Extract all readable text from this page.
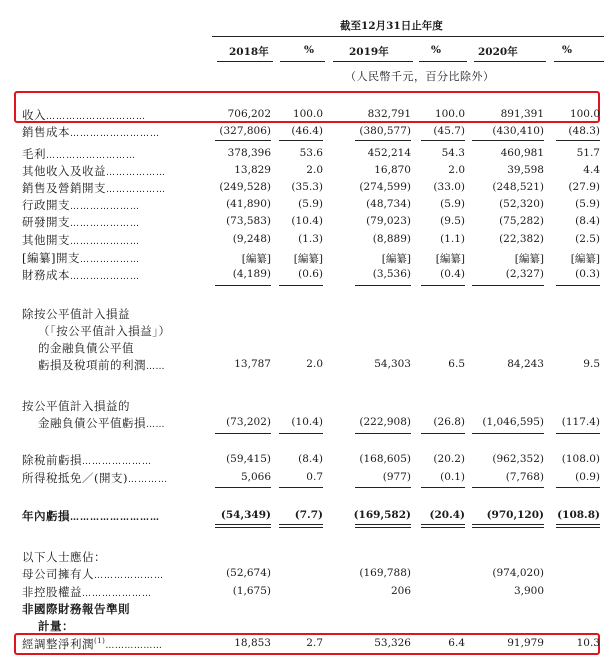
截至12月31日止年度
2018年	%	2019年	%	2020年	%
（人民幣千元，百分比除外）
收入…………………………	706,202 100.0	832,791 100.0	891,391 100.0
銷售成本………………………	(327,806) (46.4)	(380,577) (45.7)	(430,410) (48.3)
毛利………………………	378,396	53.6	452,214	54.3	460,981	51.7
其他收入及收益………………	13,829	2.0	16,870	2.0	39,598	4.4
銷售及營銷開支………………	(249,528) (35.3)	(274,599) (33.0)	(248,521) (27.9)
行政開支…………………	(41,890)	(5.9)	(48,734)	(5.9)	(52,320)	(5.9)
研發開支…………………	(73,583) (10.4)	(79,023)	(9.5)	(75,282)	(8.4)
其他開支…………………	(9,248)	(1.3)	(8,889)	(1.1)	(22,382)	(2.5)
[編纂]開支………………	[編纂] [編纂]	[編纂] [編纂]	[編纂]	[編纂]
財務成本…………………	(4,189)	(0.6)	(3,536)	(0.4)	(2,327)	(0.3)
除按公平值計入損益
（「按公平值計入損益」）
的金融負債公平值
虧損及稅項前的利潤……	13,787	2.0	54,303	6.5	84,243	9.5
按公平值計入損益的
金融負債公平值虧損……	(73,202) (10.4)	(222,908) (26.8) (1,046,595) (117.4)
除稅前虧損…………………	(59,415)	(8.4)	(168,605) (20.2)	(962,352) (108.0)
所得稅抵免／(開支)…………	5,066	0.7	(977)	(0.1)	(7,768)	(0.9)
年內虧損………………………	(54,349) (7.7)	(169,582) (20.4) (970,120) (108.8)
以下人士應佔：
母公司擁有人…………………	(52,674)	(169,788)	(974,020)
非控股權益…………………	(1,675)	206	3,900
非國際財務報告準則
計量：
經調整淨利潤$^{(1)}$………………	18,853	2.7	53,326	6.4	91,979	10.3
